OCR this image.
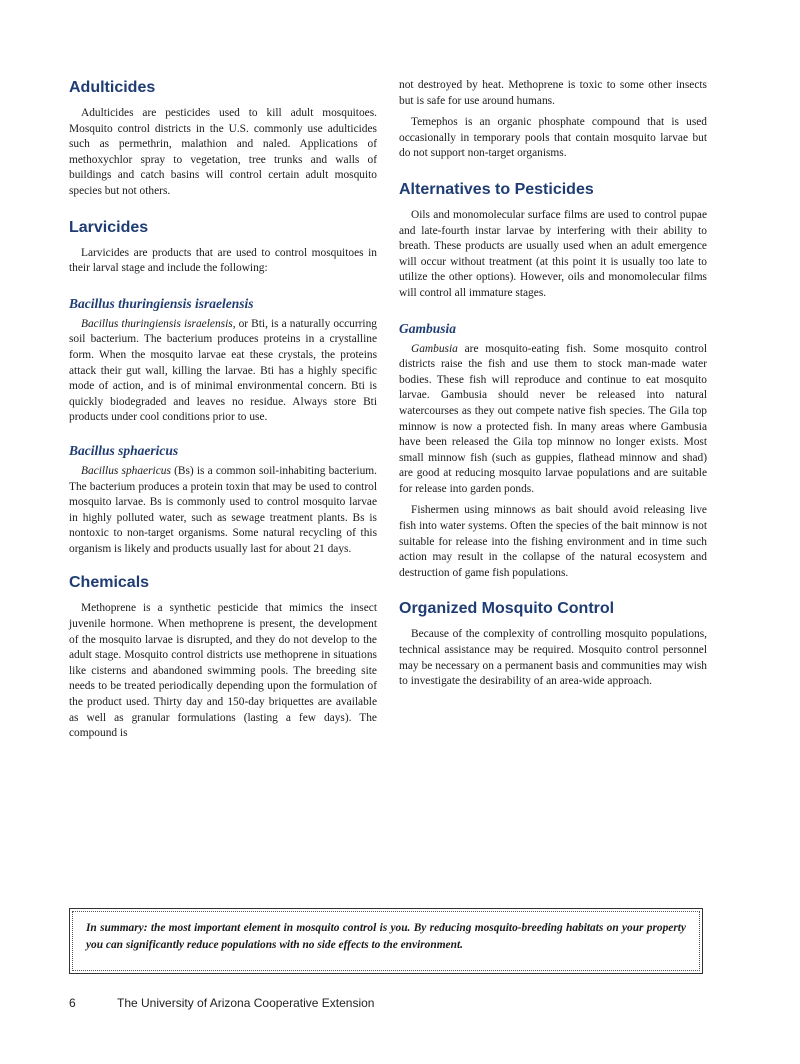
Adulticides

Adulticides are pesticides used to kill adult mosquitoes. Mosquito control districts in the U.S. commonly use adulticides such as permethrin, malathion and naled. Applications of methoxychlor spray to vegetation, tree trunks and walls of buildings and catch basins will control certain adult mosquito species but not others.

Larvicides

Larvicides are products that are used to control mosquitoes in their larval stage and include the following:

Bacillus thuringiensis israelensis

Bacillus thuringiensis israelensis, or Bti, is a naturally occurring soil bacterium. The bacterium produces proteins in a crystalline form. When the mosquito larvae eat these crystals, the proteins attack their gut wall, killing the larvae. Bti has a highly specific mode of action, and is of minimal environmental concern. Bti is quickly biodegraded and leaves no residue. Always store Bti products under cool conditions prior to use.

Bacillus sphaericus

Bacillus sphaericus (Bs) is a common soil-inhabiting bacterium. The bacterium produces a protein toxin that may be used to control mosquito larvae. Bs is commonly used to control mosquito larvae in highly polluted water, such as sewage treatment plants. Bs is nontoxic to non-target organisms. Some natural recycling of this organism is likely and products usually last for about 21 days.

Chemicals

Methoprene is a synthetic pesticide that mimics the insect juvenile hormone. When methoprene is present, the development of the mosquito larvae is disrupted, and they do not develop to the adult stage. Mosquito control districts use methoprene in situations like cisterns and abandoned swimming pools. The breeding site needs to be treated periodically depending upon the formulation of the product used. Thirty day and 150-day briquettes are available as well as granular formulations (lasting a few days). The compound is

not destroyed by heat. Methoprene is toxic to some other insects but is safe for use around humans.

Temephos is an organic phosphate compound that is used occasionally in temporary pools that contain mosquito larvae but do not support non-target organisms.

Alternatives to Pesticides

Oils and monomolecular surface films are used to control pupae and late-fourth instar larvae by interfering with their ability to breath. These products are usually used when an adult emergence will occur without treatment (at this point it is usually too late to utilize the other options). However, oils and monomolecular films will control all immature stages.

Gambusia

Gambusia are mosquito-eating fish. Some mosquito control districts raise the fish and use them to stock man-made water bodies. These fish will reproduce and continue to eat mosquito larvae. Gambusia should never be released into natural watercourses as they out compete native fish species. The Gila top minnow is now a protected fish. In many areas where Gambusia have been released the Gila top minnow no longer exists. Most small minnow fish (such as guppies, flathead minnow and shad) are good at reducing mosquito larvae populations and are suitable for release into garden ponds.

Fishermen using minnows as bait should avoid releasing live fish into water systems. Often the species of the bait minnow is not suitable for release into the fishing environment and in time such action may result in the collapse of the natural ecosystem and destruction of game fish populations.

Organized Mosquito Control

Because of the complexity of controlling mosquito populations, technical assistance may be required. Mosquito control personnel may be necessary on a permanent basis and communities may wish to investigate the desirability of an area-wide approach.

In summary: the most important element in mosquito control is you. By reducing mosquito-breeding habitats on your property you can significantly reduce populations with no side effects to the environment.

6	The University of Arizona Cooperative Extension
